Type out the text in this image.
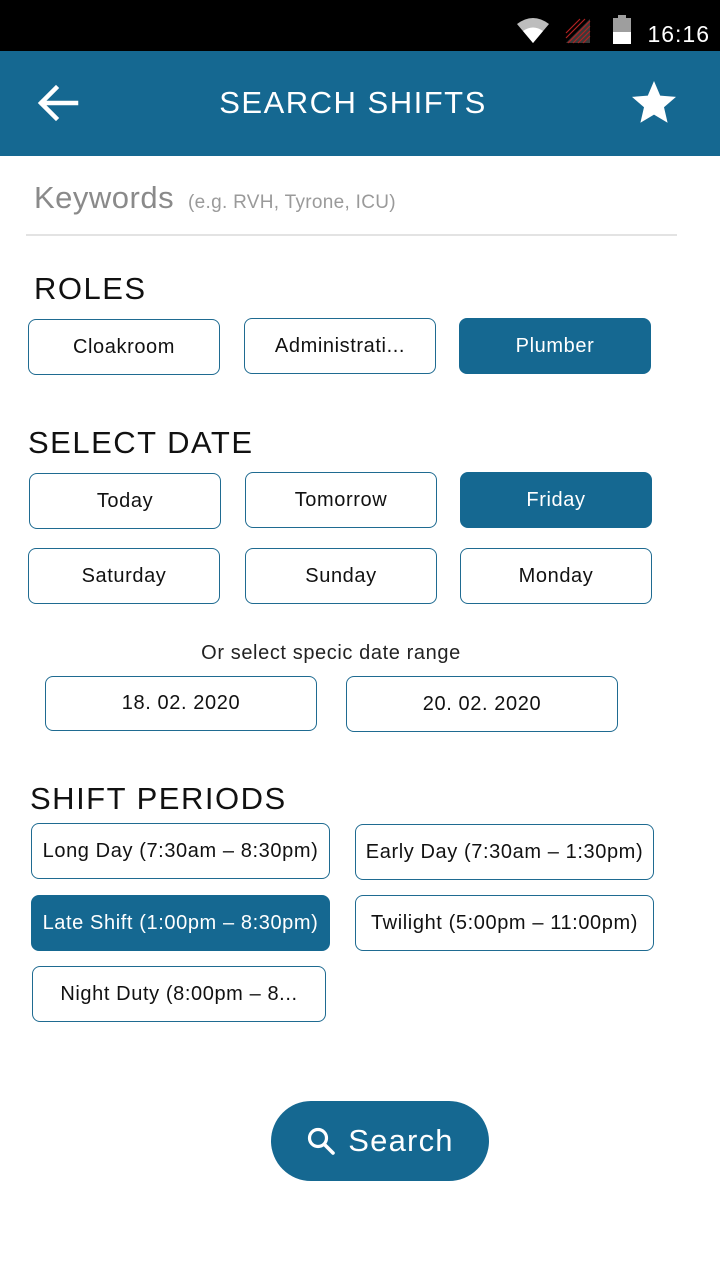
16:16
SEARCH SHIFTS
Keywords (e.g. RVH, Tyrone, ICU)
ROLES
Cloakroom	Administrati...	Plumber
SELECT DATE
Today	Tomorrow	Friday
Saturday	Sunday	Monday
Or select specic date range
18. 02. 2020	20. 02. 2020
SHIFT PERIODS
Long Day (7:30am – 8:30pm)	Early Day (7:30am – 1:30pm)
Late Shift (1:00pm – 8:30pm)	Twilight (5:00pm – 11:00pm)
Night Duty (8:00pm – 8...
Search
